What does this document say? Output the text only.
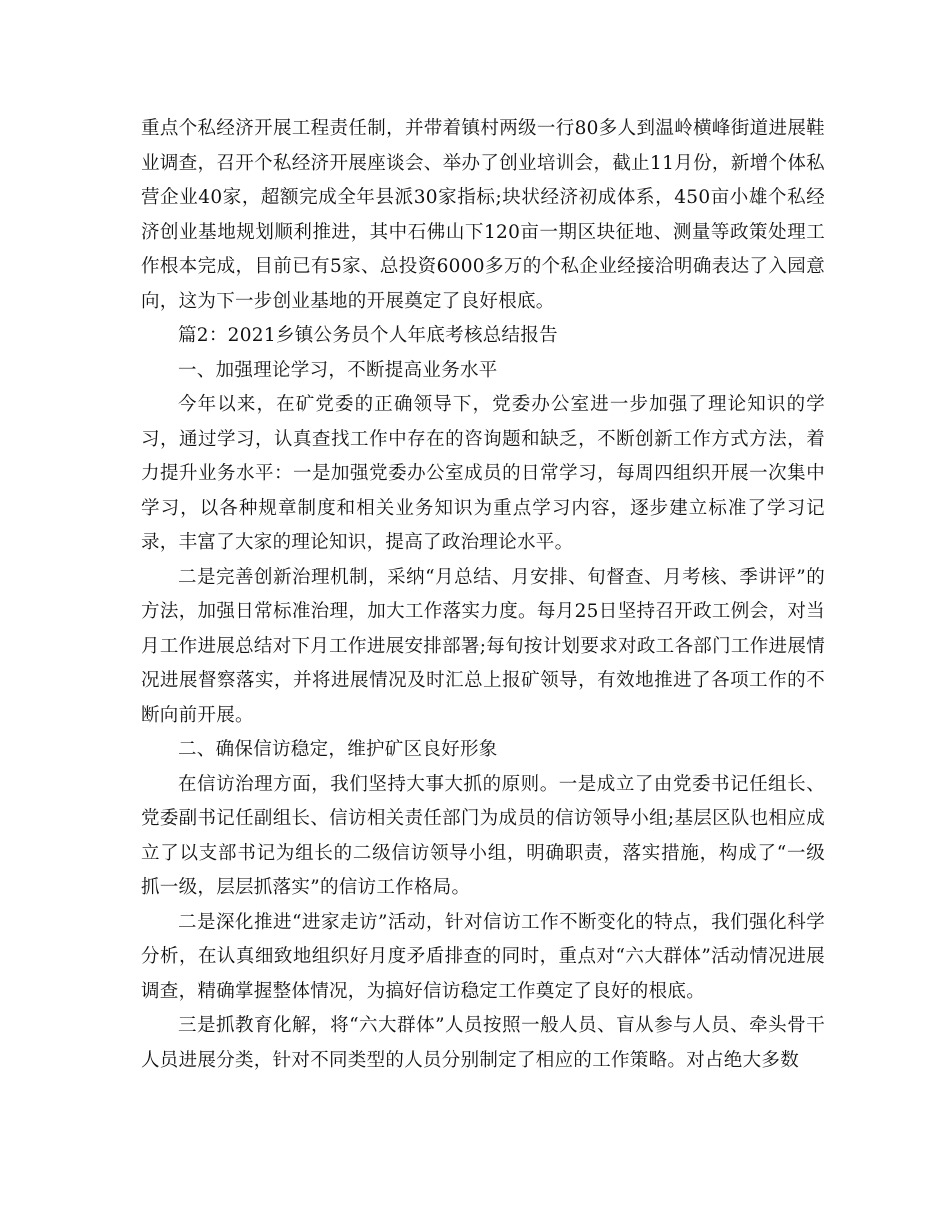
重点个私经济开展工程责任制，并带着镇村两级一行80多人到温岭横峰街道进展鞋业调查，召开个私经济开展座谈会、举办了创业培训会，截止11月份，新增个体私营企业40家，超额完成全年县派30家指标;块状经济初成体系，450亩小雄个私经济创业基地规划顺利推进，其中石佛山下120亩一期区块征地、测量等政策处理工作根本完成，目前已有5家、总投资6000多万的个私企业经接洽明确表达了入园意向，这为下一步创业基地的开展奠定了良好根底。

篇2：2021乡镇公务员个人年底考核总结报告

一、加强理论学习，不断提高业务水平

今年以来，在矿党委的正确领导下，党委办公室进一步加强了理论知识的学习，通过学习，认真查找工作中存在的咨询题和缺乏，不断创新工作方式方法，着力提升业务水平：一是加强党委办公室成员的日常学习，每周四组织开展一次集中学习，以各种规章制度和相关业务知识为重点学习内容，逐步建立标准了学习记录，丰富了大家的理论知识，提高了政治理论水平。

二是完善创新治理机制，采纳“月总结、月安排、旬督查、月考核、季讲评”的方法，加强日常标准治理，加大工作落实力度。每月25日坚持召开政工例会，对当月工作进展总结对下月工作进展安排部署;每旬按计划要求对政工各部门工作进展情况进展督察落实，并将进展情况及时汇总上报矿领导，有效地推进了各项工作的不断向前开展。

二、确保信访稳定，维护矿区良好形象

在信访治理方面，我们坚持大事大抓的原则。一是成立了由党委书记任组长、党委副书记任副组长、信访相关责任部门为成员的信访领导小组;基层区队也相应成立了以支部书记为组长的二级信访领导小组，明确职责，落实措施，构成了“一级抓一级，层层抓落实”的信访工作格局。

二是深化推进“进家走访”活动，针对信访工作不断变化的特点，我们强化科学分析，在认真细致地组织好月度矛盾排查的同时，重点对“六大群体”活动情况进展调查，精确掌握整体情况，为搞好信访稳定工作奠定了良好的根底。

三是抓教育化解，将“六大群体”人员按照一般人员、盲从参与人员、牵头骨干人员进展分类，针对不同类型的人员分别制定了相应的工作策略。对占绝大多数
